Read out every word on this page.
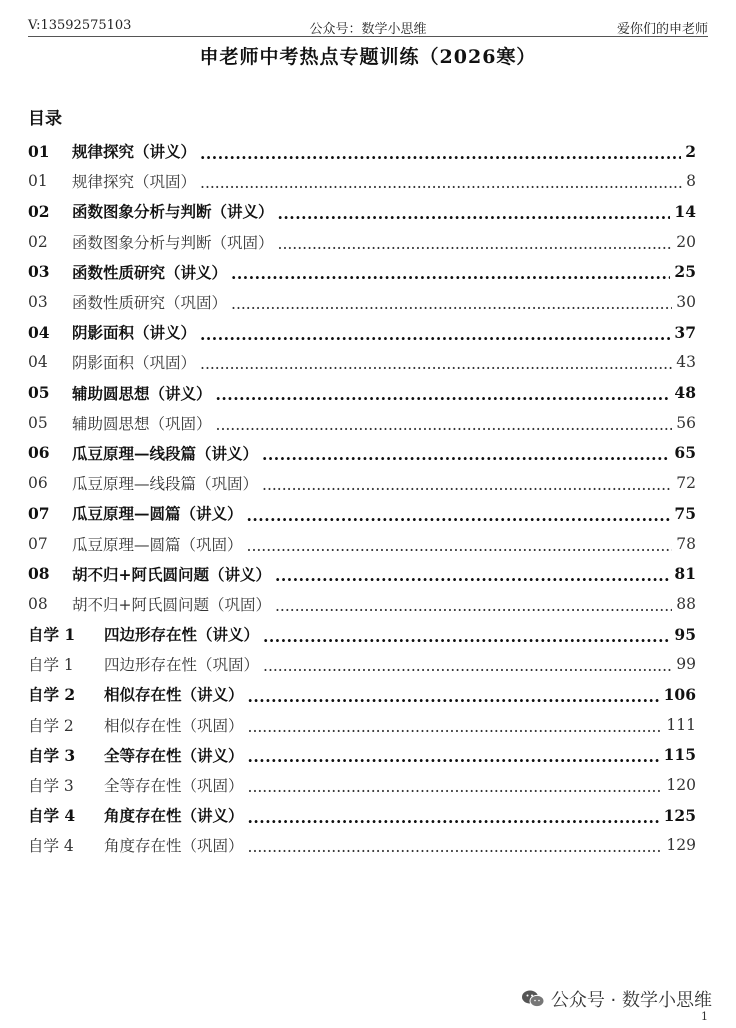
V:13592575103	公众号：数学小思维	爱你们的申老师
申老师中考热点专题训练（2026寒）
目录
01	规律探究（讲义） .....	2
01	规律探究（巩固） .....	8
02	函数图象分析与判断（讲义） .....	14
02	函数图象分析与判断（巩固） .....	20
03	函数性质研究（讲义） .....	25
03	函数性质研究（巩固） .....	30
04	阴影面积（讲义） .....	37
04	阴影面积（巩固） .....	43
05	辅助圆思想（讲义） .....	48
05	辅助圆思想（巩固） .....	56
06	瓜豆原理—线段篇（讲义） .....	65
06	瓜豆原理—线段篇（巩固） .....	72
07	瓜豆原理—圆篇（讲义） .....	75
07	瓜豆原理—圆篇（巩固） .....	78
08	胡不归+阿氏圆问题（讲义） .....	81
08	胡不归+阿氏圆问题（巩固） .....	88
自学 1	四边形存在性（讲义） .....	95
自学 1	四边形存在性（巩固） .....	99
自学 2	相似存在性（讲义） .....	106
自学 2	相似存在性（巩固） .....	111
自学 3	全等存在性（讲义） .....	115
自学 3	全等存在性（巩固） .....	120
自学 4	角度存在性（讲义） .....	125
自学 4	角度存在性（巩固） .....	129
公众号 · 数学小思维
1
